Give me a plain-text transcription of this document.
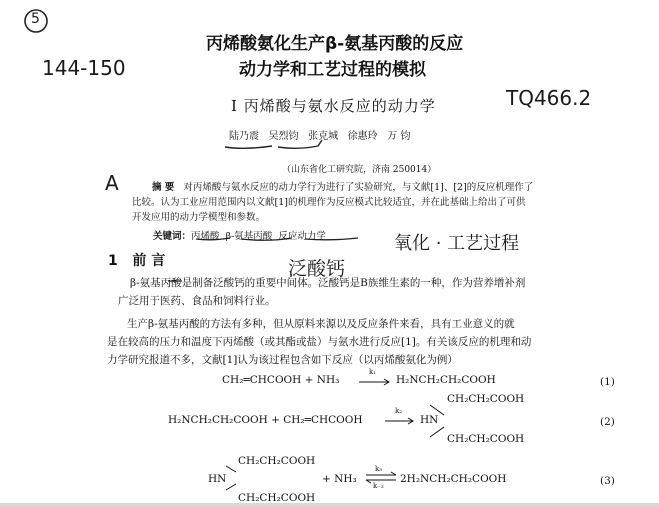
5
144-150
TQ466.2
A
氧化 · 工艺过程
泛酸钙
丙烯酸氨化生产β-氨基丙酸的反应
动力学和工艺过程的模拟
I 丙烯酸与氨水反应的动力学
陆乃震 吴烈钧 张克城 徐惠玲 万 钧
（山东省化工研究院，济南 250014）
摘 要 对丙烯酸与氨水反应的动力学行为进行了实验研究，与文献[1]、[2]的反应机理作了
比较。认为工业应用范围内以文献[1]的机理作为反应模式比较适宜，并在此基础上给出了可供
开发应用的动力学模型和参数。
关键词：丙烯酸 β-氨基丙酸 反应动力学
1 前 言
β-氨基丙酸是制备泛酸钙的重要中间体。泛酸钙是B族维生素的一种，作为营养增补剂
广泛用于医药、食品和饲料行业。
生产β-氨基丙酸的方法有多种，但从原料来源以及反应条件来看，具有工业意义的就
是在较高的压力和温度下丙烯酸（或其酯或盐）与氨水进行反应[1]。有关该反应的机理和动
力学研究报道不多，文献[1]认为该过程包含如下反应（以丙烯酸氨化为例）
CH₂═CHCOOH + NH₃
k₁
H₂NCH₂CH₂COOH	(1)
H₂NCH₂CH₂COOH + CH₂═CHCOOH
k₂
CH₂CH₂COOH
HN
CH₂CH₂COOH
(2)
CH₂CH₂COOH
HN
CH₂CH₂COOH
+ NH₃
k₃
k₋₃
2H₂NCH₂CH₂COOH	(3)
